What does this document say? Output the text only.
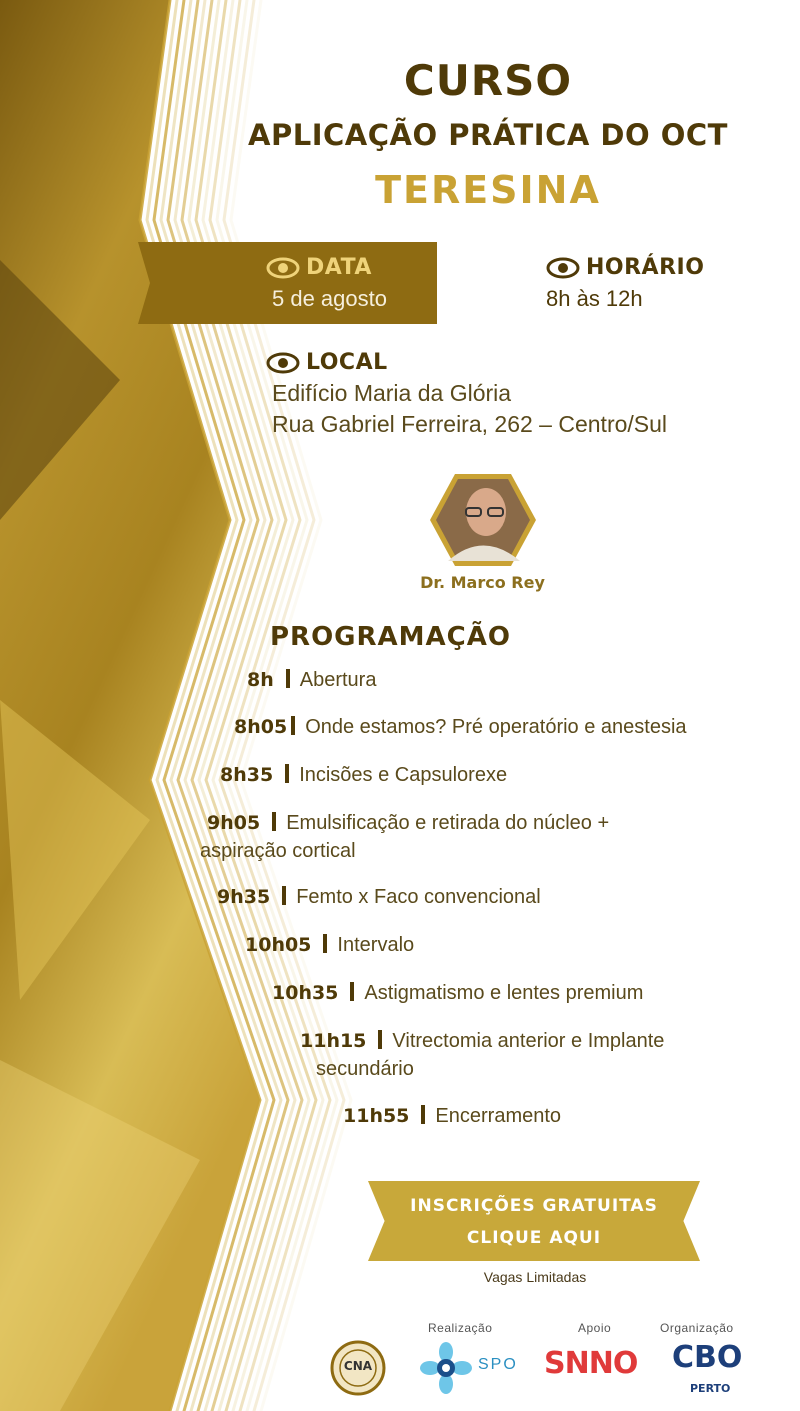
CURSO
APLICAÇÃO PRÁTICA DO OCT
TERESINA
DATA
5 de agosto
HORÁRIO
8h às 12h
LOCAL
Edifício Maria da Glória
Rua Gabriel Ferreira, 262 – Centro/Sul
Dr. Marco Rey
PROGRAMAÇÃO
8h Abertura
8h05 Onde estamos? Pré operatório e anestesia
8h35 Incisões e Capsulorexe
9h05 Emulsificação e retirada do núcleo +
aspiração cortical
9h35 Femto x Faco convencional
10h05 Intervalo
10h35 Astigmatismo e lentes premium
11h15 Vitrectomia anterior e Implante
secundário
11h55 Encerramento
INSCRIÇÕES GRATUITAS
CLIQUE AQUI
Vagas Limitadas
Realização	Apoio	Organização
CNA	SPO SNNO CBO
PERTO
